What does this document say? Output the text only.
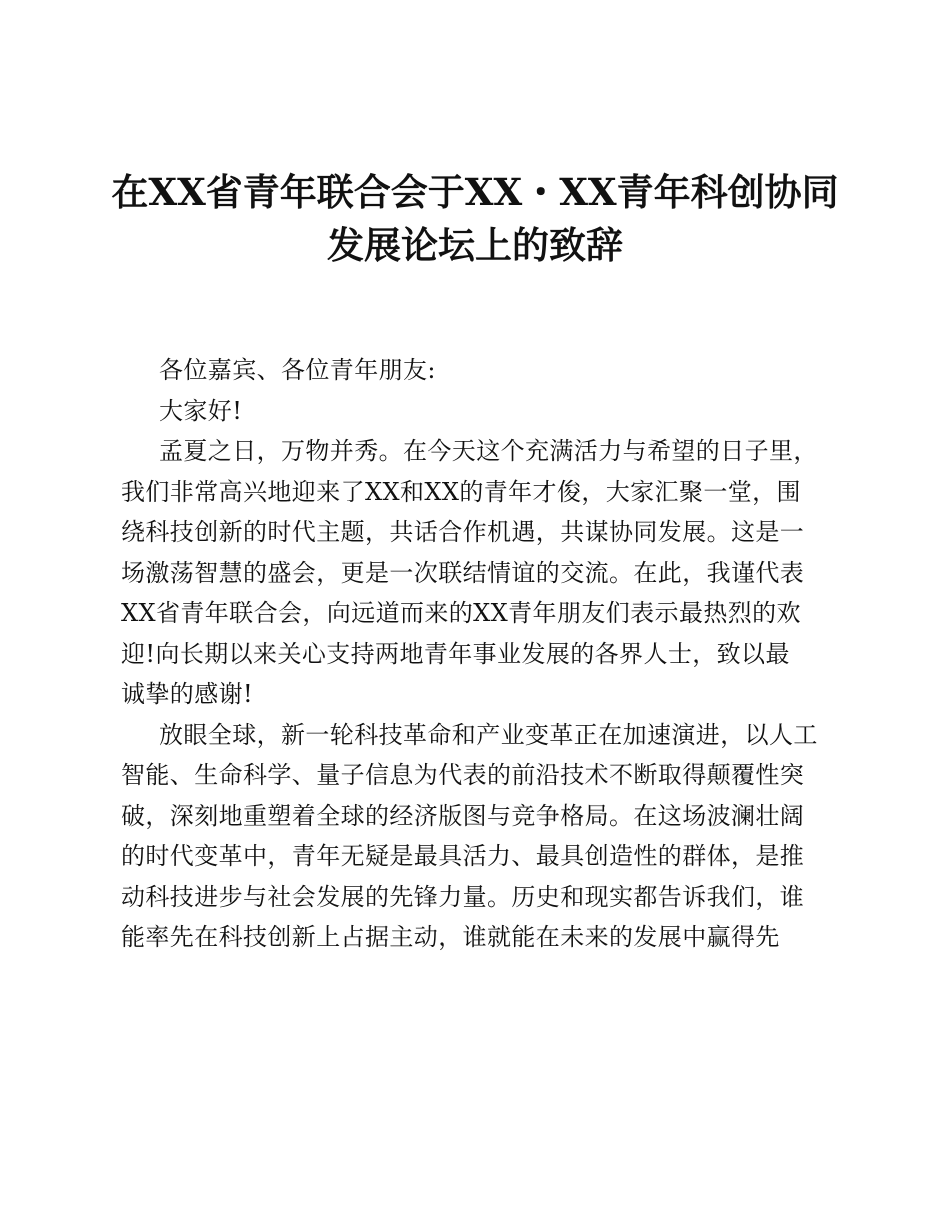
在XX省青年联合会于XX・XX青年科创协同
发展论坛上的致辞
各位嘉宾、各位青年朋友:
大家好!
孟夏之日，万物并秀。在今天这个充满活力与希望的日子里，
我们非常高兴地迎来了XX和XX的青年才俊，大家汇聚一堂，围
绕科技创新的时代主题，共话合作机遇，共谋协同发展。这是一
场激荡智慧的盛会，更是一次联结情谊的交流。在此，我谨代表
XX省青年联合会，向远道而来的XX青年朋友们表示最热烈的欢
迎!向长期以来关心支持两地青年事业发展的各界人士，致以最
诚挚的感谢!
放眼全球，新一轮科技革命和产业变革正在加速演进，以人工
智能、生命科学、量子信息为代表的前沿技术不断取得颠覆性突
破，深刻地重塑着全球的经济版图与竞争格局。在这场波澜壮阔
的时代变革中，青年无疑是最具活力、最具创造性的群体，是推
动科技进步与社会发展的先锋力量。历史和现实都告诉我们，谁
能率先在科技创新上占据主动，谁就能在未来的发展中赢得先
